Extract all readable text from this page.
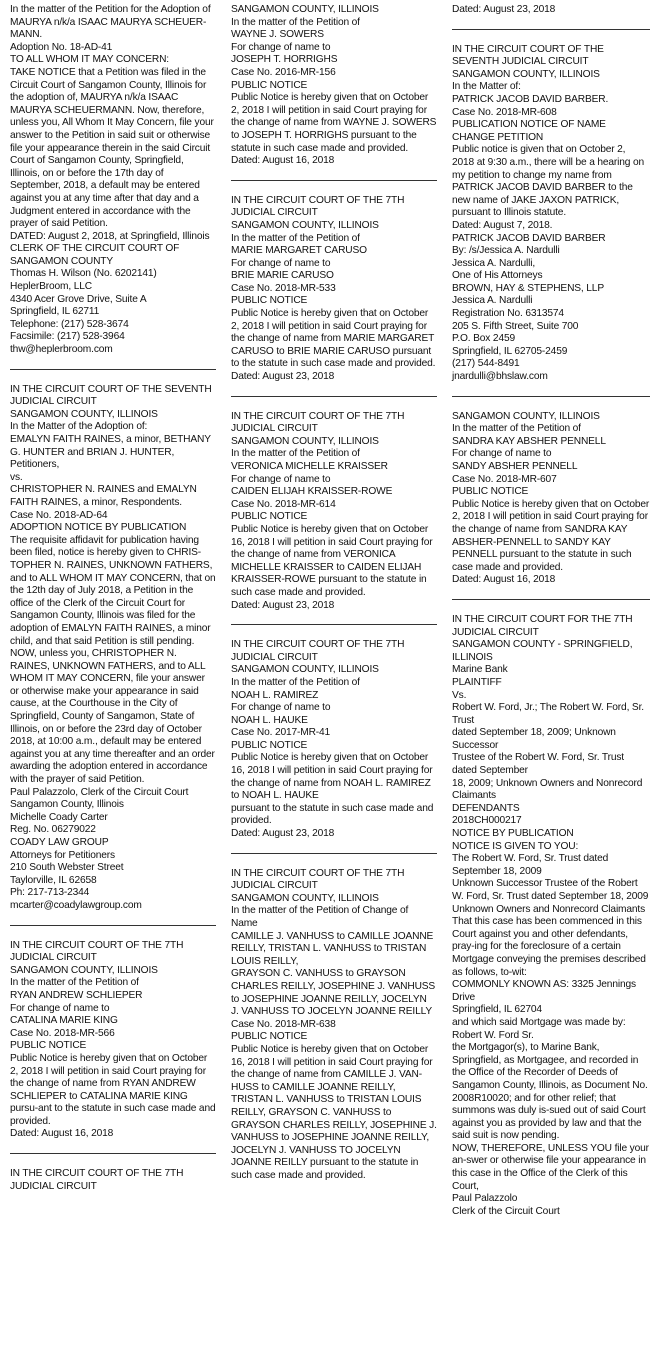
In the matter of the Petition for the Adoption of
MAURYA n/k/a ISAAC MAURYA SCHEUER-
MANN.
Adoption No. 18-AD-41
TO ALL WHOM IT MAY CONCERN:
TAKE NOTICE that a Petition was filed in the Circuit Court of Sangamon County, Illinois for the adoption of, MAURYA n/k/a ISAAC MAURYA SCHEUERMANN. Now, therefore, unless you, All Whom It May Concern, file your answer to the Petition in said suit or otherwise file your appearance therein in the said Circuit Court of Sangamon County, Springfield, Illinois, on or before the 17th day of September, 2018, a default may be entered against you at any time after that day and a Judgment entered in accordance with the prayer of said Petition.
DATED: August 2, 2018, at Springfield, Illinois
CLERK OF THE CIRCUIT COURT OF
SANGAMON COUNTY
Thomas H. Wilson (No. 6202141)
HeplerBroom, LLC
4340 Acer Grove Drive, Suite A
Springfield, IL 62711
Telephone: (217) 528-3674
Facsimile: (217) 528-3964
thw@heplerbroom.com
IN THE CIRCUIT COURT OF THE SEVENTH JUDICIAL CIRCUIT
SANGAMON COUNTY, ILLINOIS
In the Matter of the Adoption of:
EMALYN FAITH RAINES, a minor, BETHANY G. HUNTER and BRIAN J. HUNTER, Petitioners,
vs.
CHRISTOPHER N. RAINES and EMALYN FAITH RAINES, a minor, Respondents.
Case No. 2018-AD-64
ADOPTION NOTICE BY PUBLICATION
The requisite affidavit for publication having been filed, notice is hereby given to CHRIS-TOPHER N. RAINES, UNKNOWN FATHERS, and to ALL WHOM IT MAY CONCERN, that on the 12th day of July 2018, a Petition in the office of the Clerk of the Circuit Court for Sangamon County, Illinois was filed for the adoption of EMALYN FAITH RAINES, a minor child, and that said Petition is still pending.
NOW, unless you, CHRISTOPHER N. RAINES, UNKNOWN FATHERS, and to ALL WHOM IT MAY CONCERN, file your answer or otherwise make your appearance in said cause, at the Courthouse in the City of Springfield, County of Sangamon, State of Illinois, on or before the 23rd day of October 2018, at 10:00 a.m., default may be entered against you at any time thereafter and an order awarding the adoption entered in accordance with the prayer of said Petition.
Paul Palazzolo, Clerk of the Circuit Court
Sangamon County, Illinois
Michelle Coady Carter
Reg. No. 06279022
COADY LAW GROUP
Attorneys for Petitioners
210 South Webster Street
Taylorville, IL 62658
Ph: 217-713-2344
mcarter@coadylawgroup.com
IN THE CIRCUIT COURT OF THE 7TH JUDICIAL CIRCUIT
SANGAMON COUNTY, ILLINOIS
In the matter of the Petition of
RYAN ANDREW SCHLIEPER
For change of name to
CATALINA MARIE KING
Case No. 2018-MR-566
PUBLIC NOTICE
Public Notice is hereby given that on October 2, 2018 I will petition in said Court praying for the change of name from RYAN ANDREW SCHLIEPER to CATALINA MARIE KING pursu-ant to the statute in such case made and provided.
Dated: August 16, 2018
IN THE CIRCUIT COURT OF THE 7TH JUDICIAL CIRCUIT
SANGAMON COUNTY, ILLINOIS
In the matter of the Petition of
WAYNE J. SOWERS
For change of name to
JOSEPH T. HORRIGHS
Case No. 2016-MR-156
PUBLIC NOTICE
Public Notice is hereby given that on October 2, 2018 I will petition in said Court praying for the change of name from WAYNE J. SOWERS to JOSEPH T. HORRIGHS pursuant to the statute in such case made and provided.
Dated: August 16, 2018
IN THE CIRCUIT COURT OF THE 7TH JUDICIAL CIRCUIT
SANGAMON COUNTY, ILLINOIS
In the matter of the Petition of
MARIE MARGARET CARUSO
For change of name to
BRIE MARIE CARUSO
Case No. 2018-MR-533
PUBLIC NOTICE
Public Notice is hereby given that on October 2, 2018 I will petition in said Court praying for the change of name from MARIE MARGARET CARUSO to BRIE MARIE CARUSO pursuant to the statute in such case made and provided.
Dated: August 23, 2018
IN THE CIRCUIT COURT OF THE 7TH JUDICIAL CIRCUIT
SANGAMON COUNTY, ILLINOIS
In the matter of the Petition of
VERONICA MICHELLE KRAISSER
For change of name to
CAIDEN ELIJAH KRAISSER-ROWE
Case No. 2018-MR-614
PUBLIC NOTICE
Public Notice is hereby given that on October 16, 2018 I will petition in said Court praying for the change of name from VERONICA MICHELLE KRAISSER to CAIDEN ELIJAH KRAISSER-ROWE pursuant to the statute in such case made and provided.
Dated: August 23, 2018
IN THE CIRCUIT COURT OF THE 7TH JUDICIAL CIRCUIT
SANGAMON COUNTY, ILLINOIS
In the matter of the Petition of
NOAH L. RAMIREZ
For change of name to
NOAH L. HAUKE
Case No. 2017-MR-41
PUBLIC NOTICE
Public Notice is hereby given that on October 16, 2018 I will petition in said Court praying for the change of name from NOAH L. RAMIREZ to NOAH L. HAUKE
pursuant to the statute in such case made and provided.
Dated: August 23, 2018
IN THE CIRCUIT COURT OF THE 7TH JUDICIAL CIRCUIT
SANGAMON COUNTY, ILLINOIS
In the matter of the Petition of Change of Name
CAMILLE J. VANHUSS to CAMILLE JOANNE REILLY, TRISTAN L. VANHUSS to TRISTAN LOUIS REILLY,
GRAYSON C. VANHUSS to GRAYSON CHARLES REILLY, JOSEPHINE J. VANHUSS to JOSEPHINE JOANNE REILLY, JOCELYN J. VANHUSS TO JOCELYN JOANNE REILLY
Case No. 2018-MR-638
PUBLIC NOTICE
Public Notice is hereby given that on October 16, 2018 I will petition in said Court praying for the change of name from CAMILLE J. VAN-HUSS to CAMILLE JOANNE REILLY, TRISTAN L. VANHUSS to TRISTAN LOUIS REILLY, GRAYSON C. VANHUSS to GRAYSON CHARLES REILLY, JOSEPHINE J. VANHUSS to JOSEPHINE JOANNE REILLY, JOCELYN J. VANHUSS TO JOCELYN JOANNE REILLY pursuant to the statute in such case made and provided.
Dated: August 23, 2018
IN THE CIRCUIT COURT OF THE SEVENTH JUDICIAL CIRCUIT
SANGAMON COUNTY, ILLINOIS
In the Matter of:
PATRICK JACOB DAVID BARBER.
Case No. 2018-MR-608
PUBLICATION NOTICE OF NAME CHANGE PETITION
Public notice is given that on October 2, 2018 at 9:30 a.m., there will be a hearing on my petition to change my name from PATRICK JACOB DAVID BARBER to the new name of JAKE JAXON PATRICK, pursuant to Illinois statute.
Dated: August 7, 2018.
PATRICK JACOB DAVID BARBER
By: /s/Jessica A. Nardulli
Jessica A. Nardulli,
One of His Attorneys
BROWN, HAY & STEPHENS, LLP
Jessica A. Nardulli
Registration No. 6313574
205 S. Fifth Street, Suite 700
P.O. Box 2459
Springfield, IL 62705-2459
(217) 544-8491
jnardulli@bhslaw.com
SANGAMON COUNTY, ILLINOIS
In the matter of the Petition of
SANDRA KAY ABSHER PENNELL
For change of name to
SANDY ABSHER PENNELL
Case No. 2018-MR-607
PUBLIC NOTICE
Public Notice is hereby given that on October 2, 2018 I will petition in said Court praying for the change of name from SANDRA KAY ABSHER-PENNELL to SANDY KAY PENNELL pursuant to the statute in such case made and provided.
Dated: August 16, 2018
IN THE CIRCUIT COURT FOR THE 7TH JUDICIAL CIRCUIT
SANGAMON COUNTY - SPRINGFIELD, ILLINOIS
Marine Bank
PLAINTIFF
Vs.
Robert W. Ford, Jr.; The Robert W. Ford, Sr. Trust
dated September 18, 2009; Unknown Successor
Trustee of the Robert W. Ford, Sr. Trust dated September
18, 2009; Unknown Owners and Nonrecord Claimants
DEFENDANTS
2018CH000217
NOTICE BY PUBLICATION
NOTICE IS GIVEN TO YOU:
The Robert W. Ford, Sr. Trust dated September 18, 2009
Unknown Successor Trustee of the Robert W. Ford, Sr. Trust dated September 18, 2009
Unknown Owners and Nonrecord Claimants
That this case has been commenced in this Court against you and other defendants, pray-ing for the foreclosure of a certain Mortgage conveying the premises described as follows, to-wit:
COMMONLY KNOWN AS: 3325 Jennings Drive
Springfield, IL 62704
and which said Mortgage was made by:
Robert W. Ford Sr.
the Mortgagor(s), to Marine Bank, Springfield, as Mortgagee, and recorded in the Office of the Recorder of Deeds of Sangamon County, Illinois, as Document No. 2008R10020; and for other relief; that summons was duly is-sued out of said Court against you as provided by law and that the said suit is now pending.
NOW, THEREFORE, UNLESS YOU file your an-swer or otherwise file your appearance in this case in the Office of the Clerk of this Court,
Paul Palazzolo
Clerk of the Circuit Court
